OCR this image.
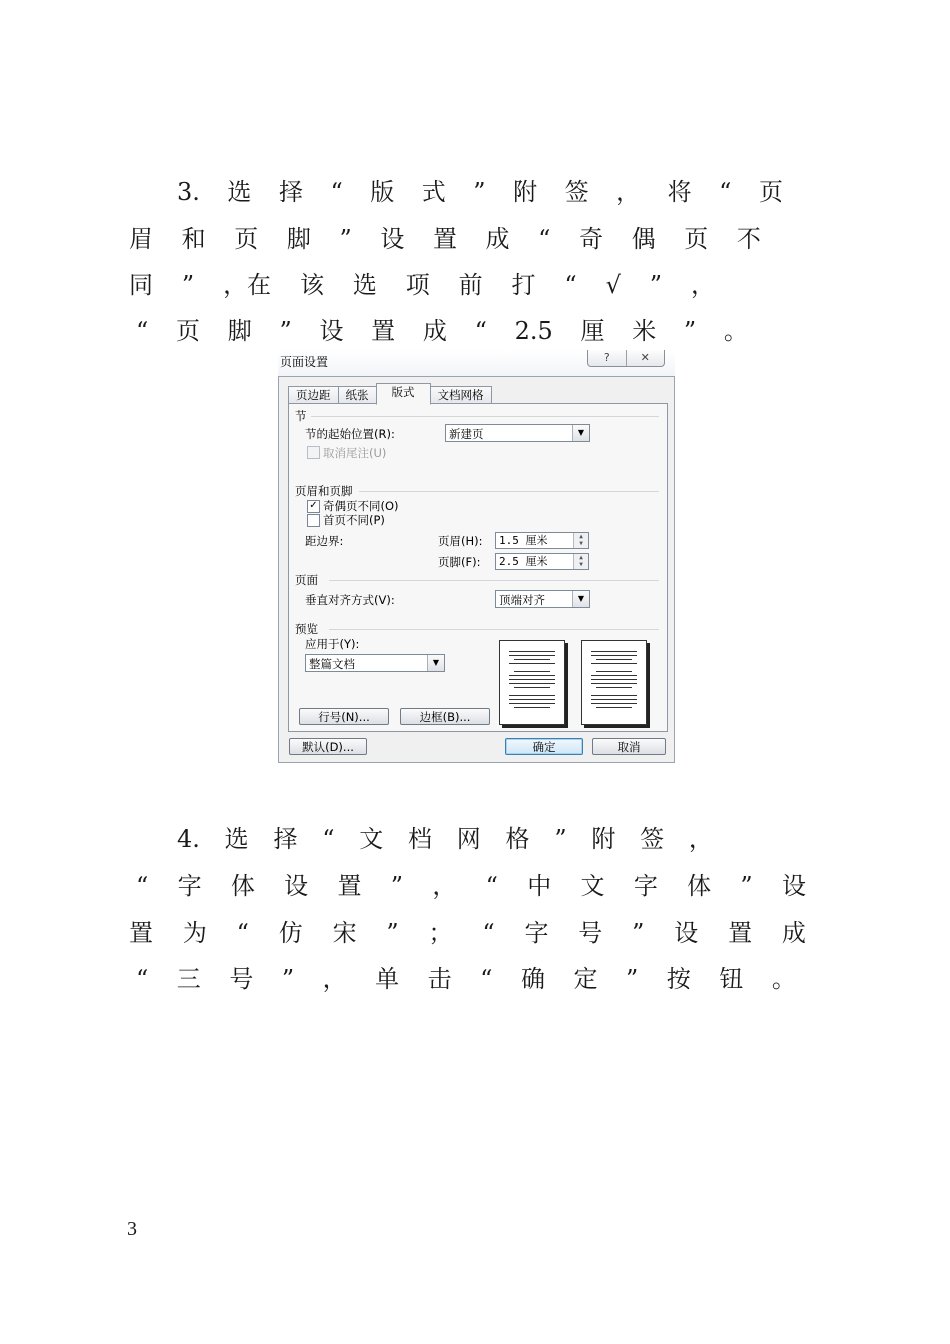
3. 选 择 “ 版 式 ” 附 签 ， 将 “ 页
眉 和 页 脚 ” 设 置 成 “ 奇 偶 页 不
同 ” ，在 该 选 项 前 打 “ √ ” ，
“ 页 脚 ” 设 置 成 “ 2.5 厘 米 ” 。
页面设置	?	✕
页边距	纸张	版式	文档网格
节
节的起始位置(R):	新建页	▼
取消尾注(U)
页眉和页脚
✓ 奇偶页不同(O)
首页不同(P)
距边界:	页眉(H):	1.5 厘米	▲
▼
页脚(F):	2.5 厘米	▲
▼
页面
垂直对齐方式(V):	顶端对齐	▼
预览
应用于(Y):
整篇文档	▼
行号(N)...	边框(B)...
默认(D)...	确定	取消
4. 选 择 “ 文 档 网 格 ” 附 签 ，
“ 字 体 设 置 ” ， “ 中 文 字 体 ” 设
置 为 “ 仿 宋 ” ； “ 字 号 ” 设 置 成
“ 三 号 ” ， 单 击 “ 确 定 ” 按 钮 。
3
